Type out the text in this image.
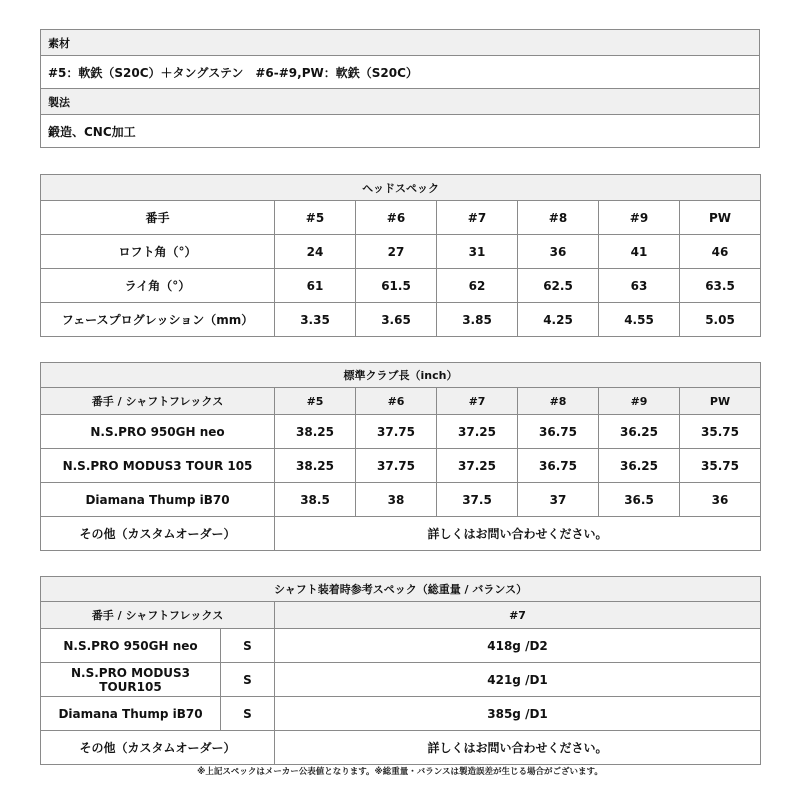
素材
#5：軟鉄（S20C）＋タングステン　#6-#9,PW：軟鉄（S20C）
製法
鍛造、CNC加工
ヘッドスペック						
番手	#5	#6	#7	#8	#9	PW
ロフト角（°）	24	27	31	36	41	46
ライ角（°）	61	61.5	62	62.5	63	63.5
フェースプログレッション（mm）	3.35	3.65	3.85	4.25	4.55	5.05
標準クラブ長（inch）						
番手 / シャフトフレックス	#5	#6	#7	#8	#9	PW
N.S.PRO 950GH neo	38.25	37.75	37.25	36.75	36.25	35.75
N.S.PRO MODUS3 TOUR 105	38.25	37.75	37.25	36.75	36.25	35.75
Diamana Thump iB70	38.5	38	37.5	37	36.5	36
その他（カスタムオーダー）	詳しくはお問い合わせください。					
シャフト装着時参考スペック（総重量 / バランス）		
番手 / シャフトフレックス		#7
N.S.PRO 950GH neo	S	418g /D2
N.S.PRO MODUS3 TOUR105	S	421g /D1
Diamana Thump iB70	S	385g /D1
その他（カスタムオーダー）		詳しくはお問い合わせください。
※上記スペックはメーカー公表値となります。※総重量・バランスは製造誤差が生じる場合がございます。
